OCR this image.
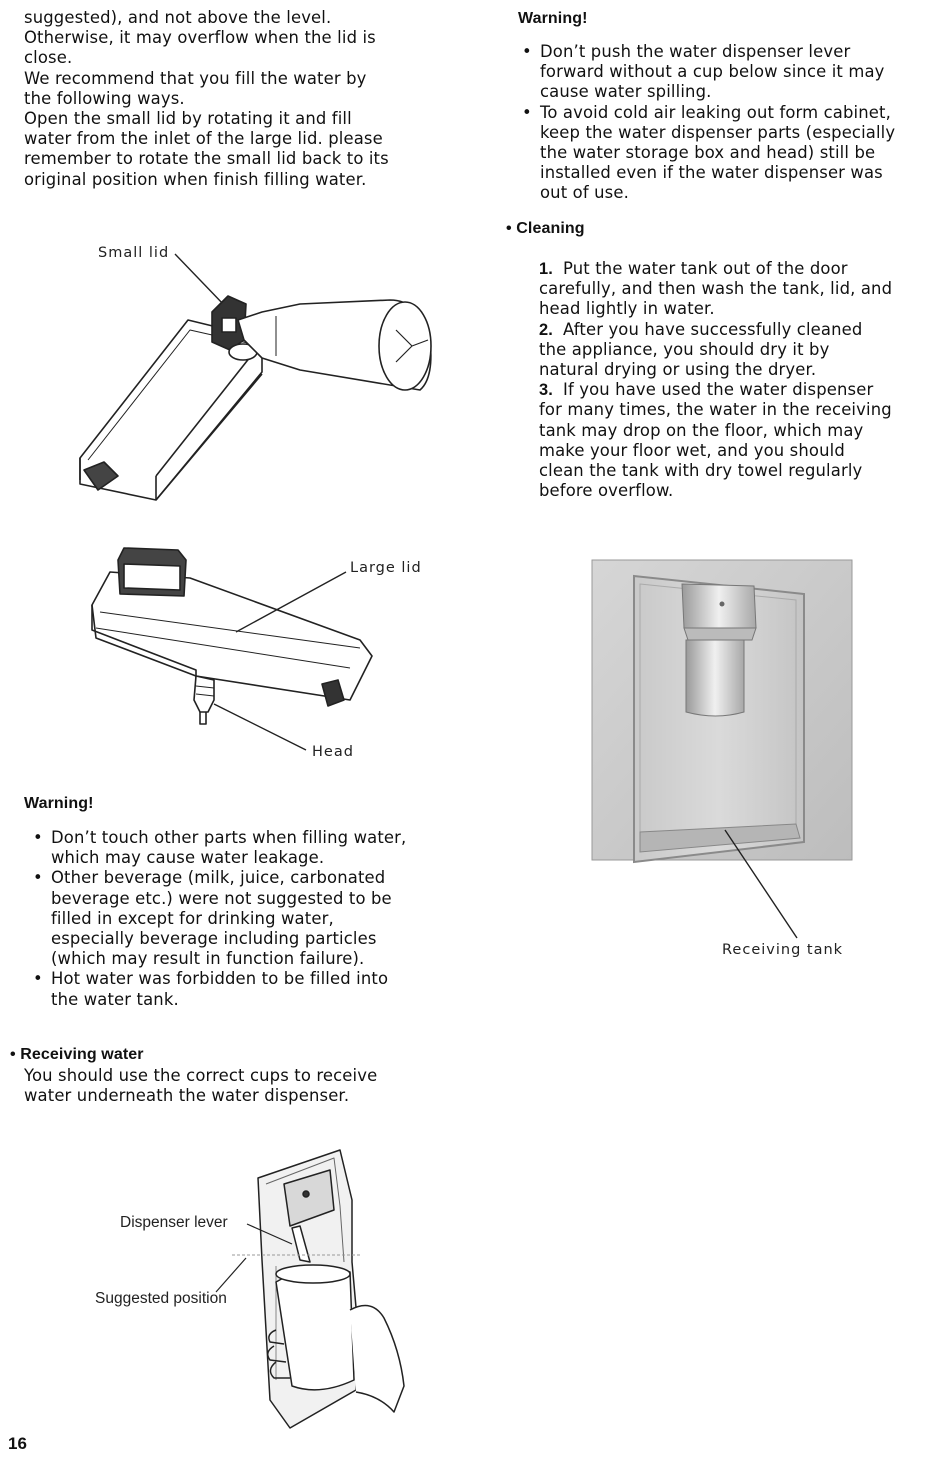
suggested), and not above the level.
Otherwise, it may overflow when the lid is
close.
We recommend that you fill the water by
the following ways.
Open the small lid by rotating it and fill
water from the inlet of the large lid. please
remember to rotate the small lid back to its
original position when finish filling water.
Small lid
Large lid
Head
Warning!
• Don’t touch other parts when filling water,
which may cause water leakage.
• Other beverage (milk, juice, carbonated
beverage etc.) were not suggested to be
filled in except for drinking water,
especially beverage including particles
(which may result in function failure).
• Hot water was forbidden to be filled into
the water tank.
• Receiving water
You should use the correct cups to receive
water underneath the water dispenser.
Dispenser lever
Suggested position
16
Warning!
• Don’t push the water dispenser lever
forward without a cup below since it may
cause water spilling.
• To avoid cold air leaking out form cabinet,
keep the water dispenser parts (especially
the water storage box and head) still be
installed even if the water dispenser was
out of use.
• Cleaning
1. Put the water tank out of the door
carefully, and then wash the tank, lid, and
head lightly in water.
2. After you have successfully cleaned
the appliance, you should dry it by
natural drying or using the dryer.
3. If you have used the water dispenser
for many times, the water in the receiving
tank may drop on the floor, which may
make your floor wet, and you should
clean the tank with dry towel regularly
before overflow.
Receiving tank
